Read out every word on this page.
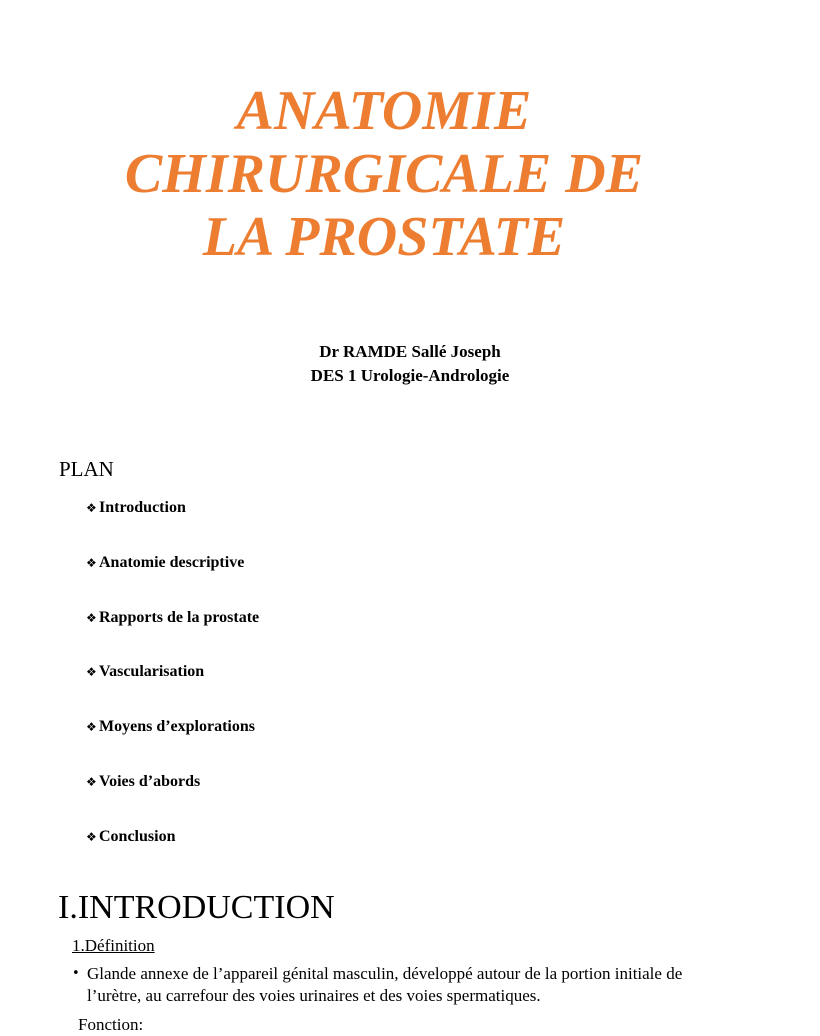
ANATOMIE
CHIRURGICALE DE
LA PROSTATE
Dr RAMDE Sallé Joseph
DES 1 Urologie-Andrologie
PLAN
❖ Introduction
❖ Anatomie descriptive
❖ Rapports de la prostate
❖ Vascularisation
❖ Moyens d’explorations
❖ Voies d’abords
❖ Conclusion
I.INTRODUCTION
1.Définition
• Glande annexe de l’appareil génital masculin, développé autour de la portion initiale de l’urètre, au carrefour des voies urinaires et des voies spermatiques.
Fonction:
